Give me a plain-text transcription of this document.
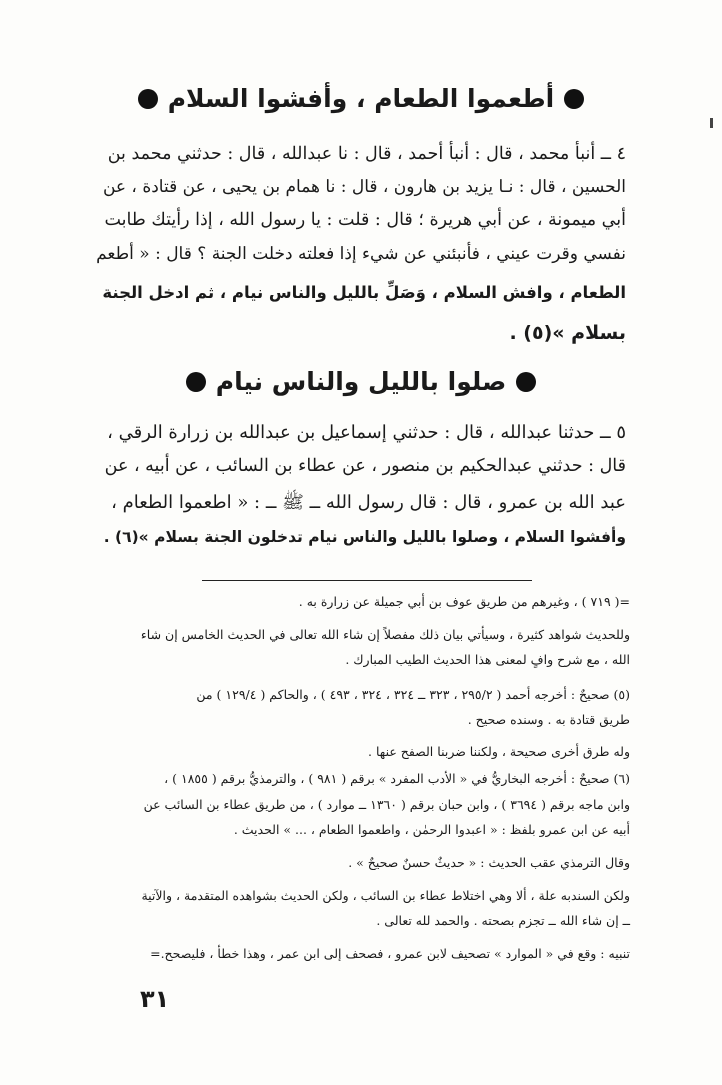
أطعموا الطعام ، وأفشوا السلام
٤ ــ أنبأ محمد ، قال : أنبأ أحمد ، قال : نا عبدالله ، قال : حدثني محمد بن
الحسين ، قال : نـا يزيد بن هارون ، قال : نا همام بن يحيى ، عن قتادة ، عن
أبي ميمونة ، عن أبي هريرة ؛ قال : قلت : يا رسول الله ، إذا رأيتك طابت
نفسي وقرت عيني ، فأنبئني عن شيء إذا فعلته دخلت الجنة ؟ قال : « أطعم
الطعام ، وافش السلام ، وَصَلِّ بالليل والناس نيام ، ثم ادخل الجنة
بسلام »(٥) .
صلوا بالليل والناس نيام
٥ ــ حدثنا عبدالله ، قال : حدثني إسماعيل بن عبدالله بن زرارة الرقي ،
قال : حدثني عبدالحكيم بن منصور ، عن عطاء بن السائب ، عن أبيه ، عن
عبد الله بن عمرو ، قال : قال رسول الله ــ ﷺ ــ : « اطعموا الطعام ،
وأفشوا السلام ، وصلوا بالليل والناس نيام تدخلون الجنة بسلام »(٦) .
=( ٧١٩ ) ، وغيرهم من طريق عوف بن أبي جميلة عن زرارة به .
وللحديث شواهد كثيرة ، وسيأتي بيان ذلك مفصلاً إن شاء الله تعالى في الحديث الخامس إن شاء
الله ، مع شرح وافٍ لمعنى هذا الحديث الطيب المبارك .
(٥) صحيحٌ : أخرجه أحمد ( ٢٩٥/٢ ، ٣٢٣ ــ ٣٢٤ ، ٣٢٤ ، ٤٩٣ ) ، والحاكم ( ١٢٩/٤ ) من
طريق قتادة به . وسنده صحيح .
وله طرق أخرى صحيحة ، ولكننا ضربنا الصفح عنها .
(٦) صحيحٌ : أخرجه البخاريُّ في « الأدب المفرد » برقم ( ٩٨١ ) ، والترمذيُّ برقم ( ١٨٥٥ ) ،
وابن ماجه برقم ( ٣٦٩٤ ) ، وابن حبان برقم ( ١٣٦٠ ــ موارد ) ، من طريق عطاء بن السائب عن
أبيه عن ابن عمرو بلفظ : « اعبدوا الرحمٰن ، واطعموا الطعام ، ... » الحديث .
وقال الترمذي عقب الحديث : « حديثٌ حسنٌ صحيحٌ » .
ولكن السندبه علة ، ألا وهي اختلاط عطاء بن السائب ، ولكن الحديث بشواهده المتقدمة ، والآتية
ــ إن شاء الله ــ تجزم بصحته . والحمد لله تعالى .
تنبيه : وقع في « الموارد » تصحيف لابن عمرو ، فصحف إلى ابن عمر ، وهذا خطأ ، فليصحح.=
٣١
